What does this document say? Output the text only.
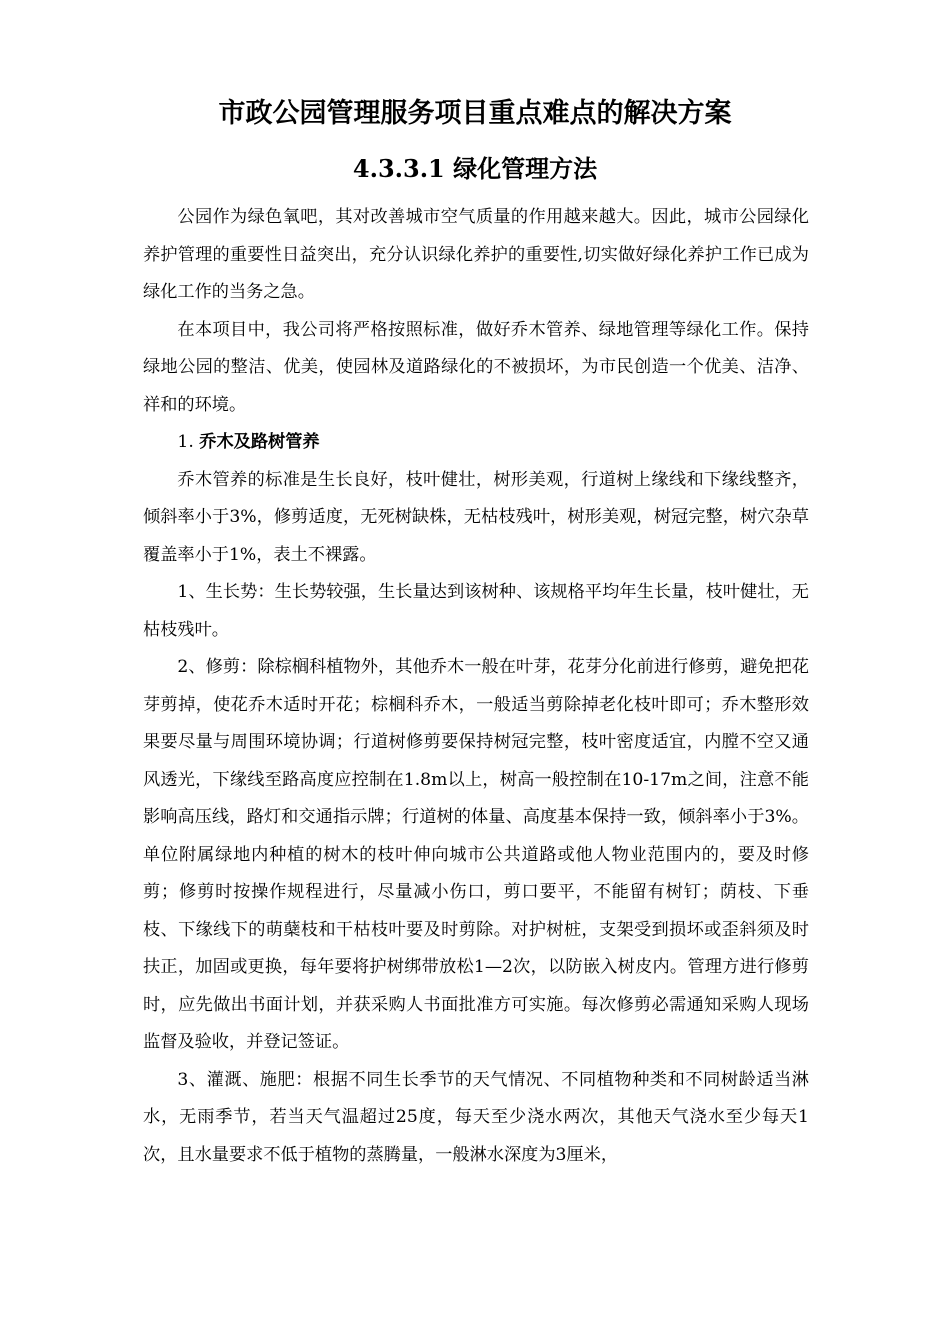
市政公园管理服务项目重点难点的解决方案
4.3.3.1 绿化管理方法

公园作为绿色氧吧，其对改善城市空气质量的作用越来越大。因此，城市公园绿化养护管理的重要性日益突出，充分认识绿化养护的重要性,切实做好绿化养护工作已成为绿化工作的当务之急。

在本项目中，我公司将严格按照标准，做好乔木管养、绿地管理等绿化工作。保持绿地公园的整洁、优美，使园林及道路绿化的不被损坏，为市民创造一个优美、洁净、祥和的环境。

1. 乔木及路树管养

乔木管养的标准是生长良好，枝叶健壮，树形美观，行道树上缘线和下缘线整齐，倾斜率小于3%，修剪适度，无死树缺株，无枯枝残叶，树形美观，树冠完整，树穴杂草覆盖率小于1%，表土不裸露。

1、生长势：生长势较强，生长量达到该树种、该规格平均年生长量，枝叶健壮，无枯枝残叶。

2、修剪：除棕榈科植物外，其他乔木一般在叶芽，花芽分化前进行修剪，避免把花芽剪掉，使花乔木适时开花；棕榈科乔木，一般适当剪除掉老化枝叶即可；乔木整形效果要尽量与周围环境协调；行道树修剪要保持树冠完整，枝叶密度适宜，内膛不空又通风透光，下缘线至路高度应控制在1.8m以上，树高一般控制在10-17m之间，注意不能影响高压线，路灯和交通指示牌；行道树的体量、高度基本保持一致，倾斜率小于3%。单位附属绿地内种植的树木的枝叶伸向城市公共道路或他人物业范围内的，要及时修剪；修剪时按操作规程进行，尽量减小伤口，剪口要平，不能留有树钉；荫枝、下垂枝、下缘线下的萌蘖枝和干枯枝叶要及时剪除。对护树桩，支架受到损坏或歪斜须及时扶正，加固或更换，每年要将护树绑带放松1—2次，以防嵌入树皮内。管理方进行修剪时，应先做出书面计划，并获采购人书面批准方可实施。每次修剪必需通知采购人现场监督及验收，并登记签证。

3、灌溉、施肥：根据不同生长季节的天气情况、不同植物种类和不同树龄适当淋水，无雨季节，若当天气温超过25度，每天至少浇水两次，其他天气浇水至少每天1次，且水量要求不低于植物的蒸腾量，一般淋水深度为3厘米，
